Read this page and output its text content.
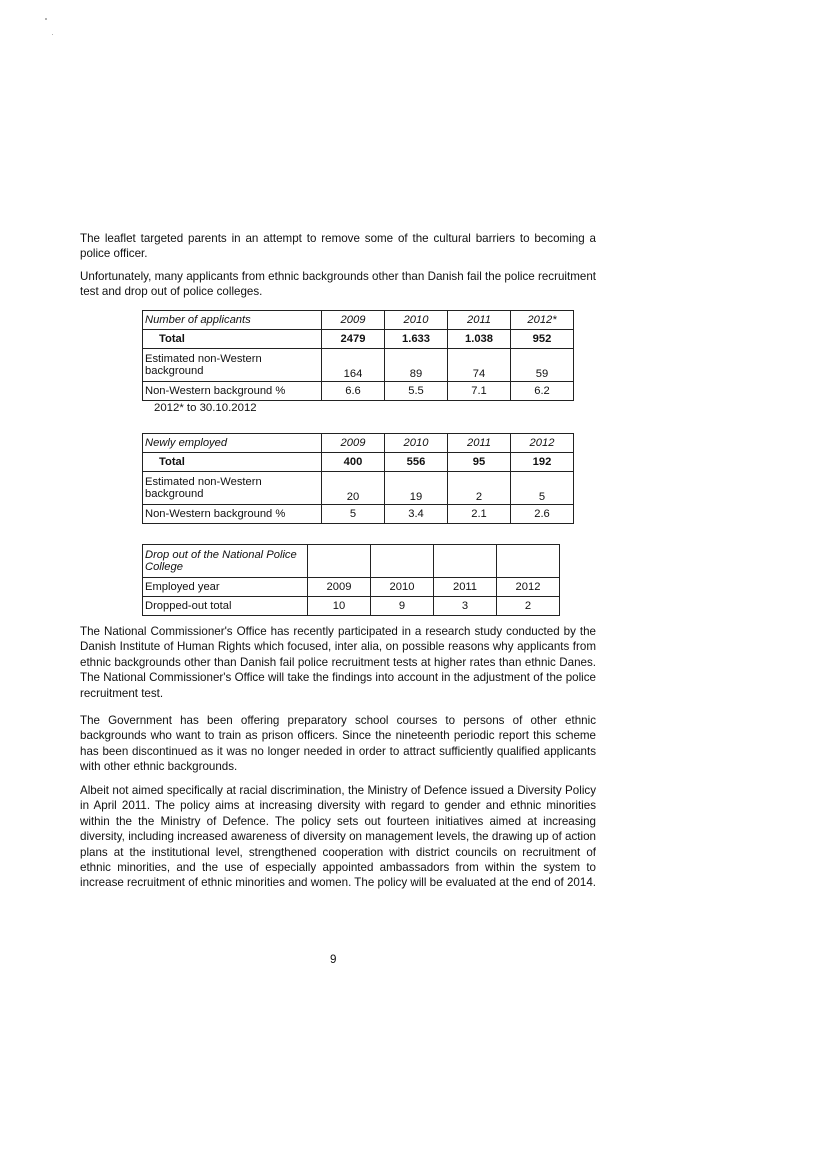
The leaflet targeted parents in an attempt to remove some of the cultural barriers to becoming a police officer.

Unfortunately, many applicants from ethnic backgrounds other than Danish fail the police recruitment test and drop out of police colleges.

Number of applicants	2009	2010	2011	2012*
Total	2479	1.633	1.038	952
Estimated non-Western background	164	89	74	59
Non-Western background %	6.6	5.5	7.1	6.2
2012* to 30.10.2012
Newly employed	2009	2010	2011	2012
Total	400	556	95	192
Estimated non-Western background	20	19	2	5
Non-Western background %	5	3.4	2.1	2.6
Drop out of the National Police College				
Employed year	2009	2010	2011	2012
Dropped-out total	10	9	3	2

The National Commissioner's Office has recently participated in a research study conducted by the Danish Institute of Human Rights which focused, inter alia, on possible reasons why applicants from ethnic backgrounds other than Danish fail police recruitment tests at higher rates than ethnic Danes. The National Commissioner's Office will take the findings into account in the adjustment of the police recruitment test.

The Government has been offering preparatory school courses to persons of other ethnic backgrounds who want to train as prison officers. Since the nineteenth periodic report this scheme has been discontinued as it was no longer needed in order to attract sufficiently qualified applicants with other ethnic backgrounds.

Albeit not aimed specifically at racial discrimination, the Ministry of Defence issued a Diversity Policy in April 2011. The policy aims at increasing diversity with regard to gender and ethnic minorities within the the Ministry of Defence. The policy sets out fourteen initiatives aimed at increasing diversity, including increased awareness of diversity on management levels, the drawing up of action plans at the institutional level, strengthened cooperation with district councils on recruitment of ethnic minorities, and the use of especially appointed ambassadors from within the system to increase recruitment of ethnic minorities and women. The policy will be evaluated at the end of 2014.

9
